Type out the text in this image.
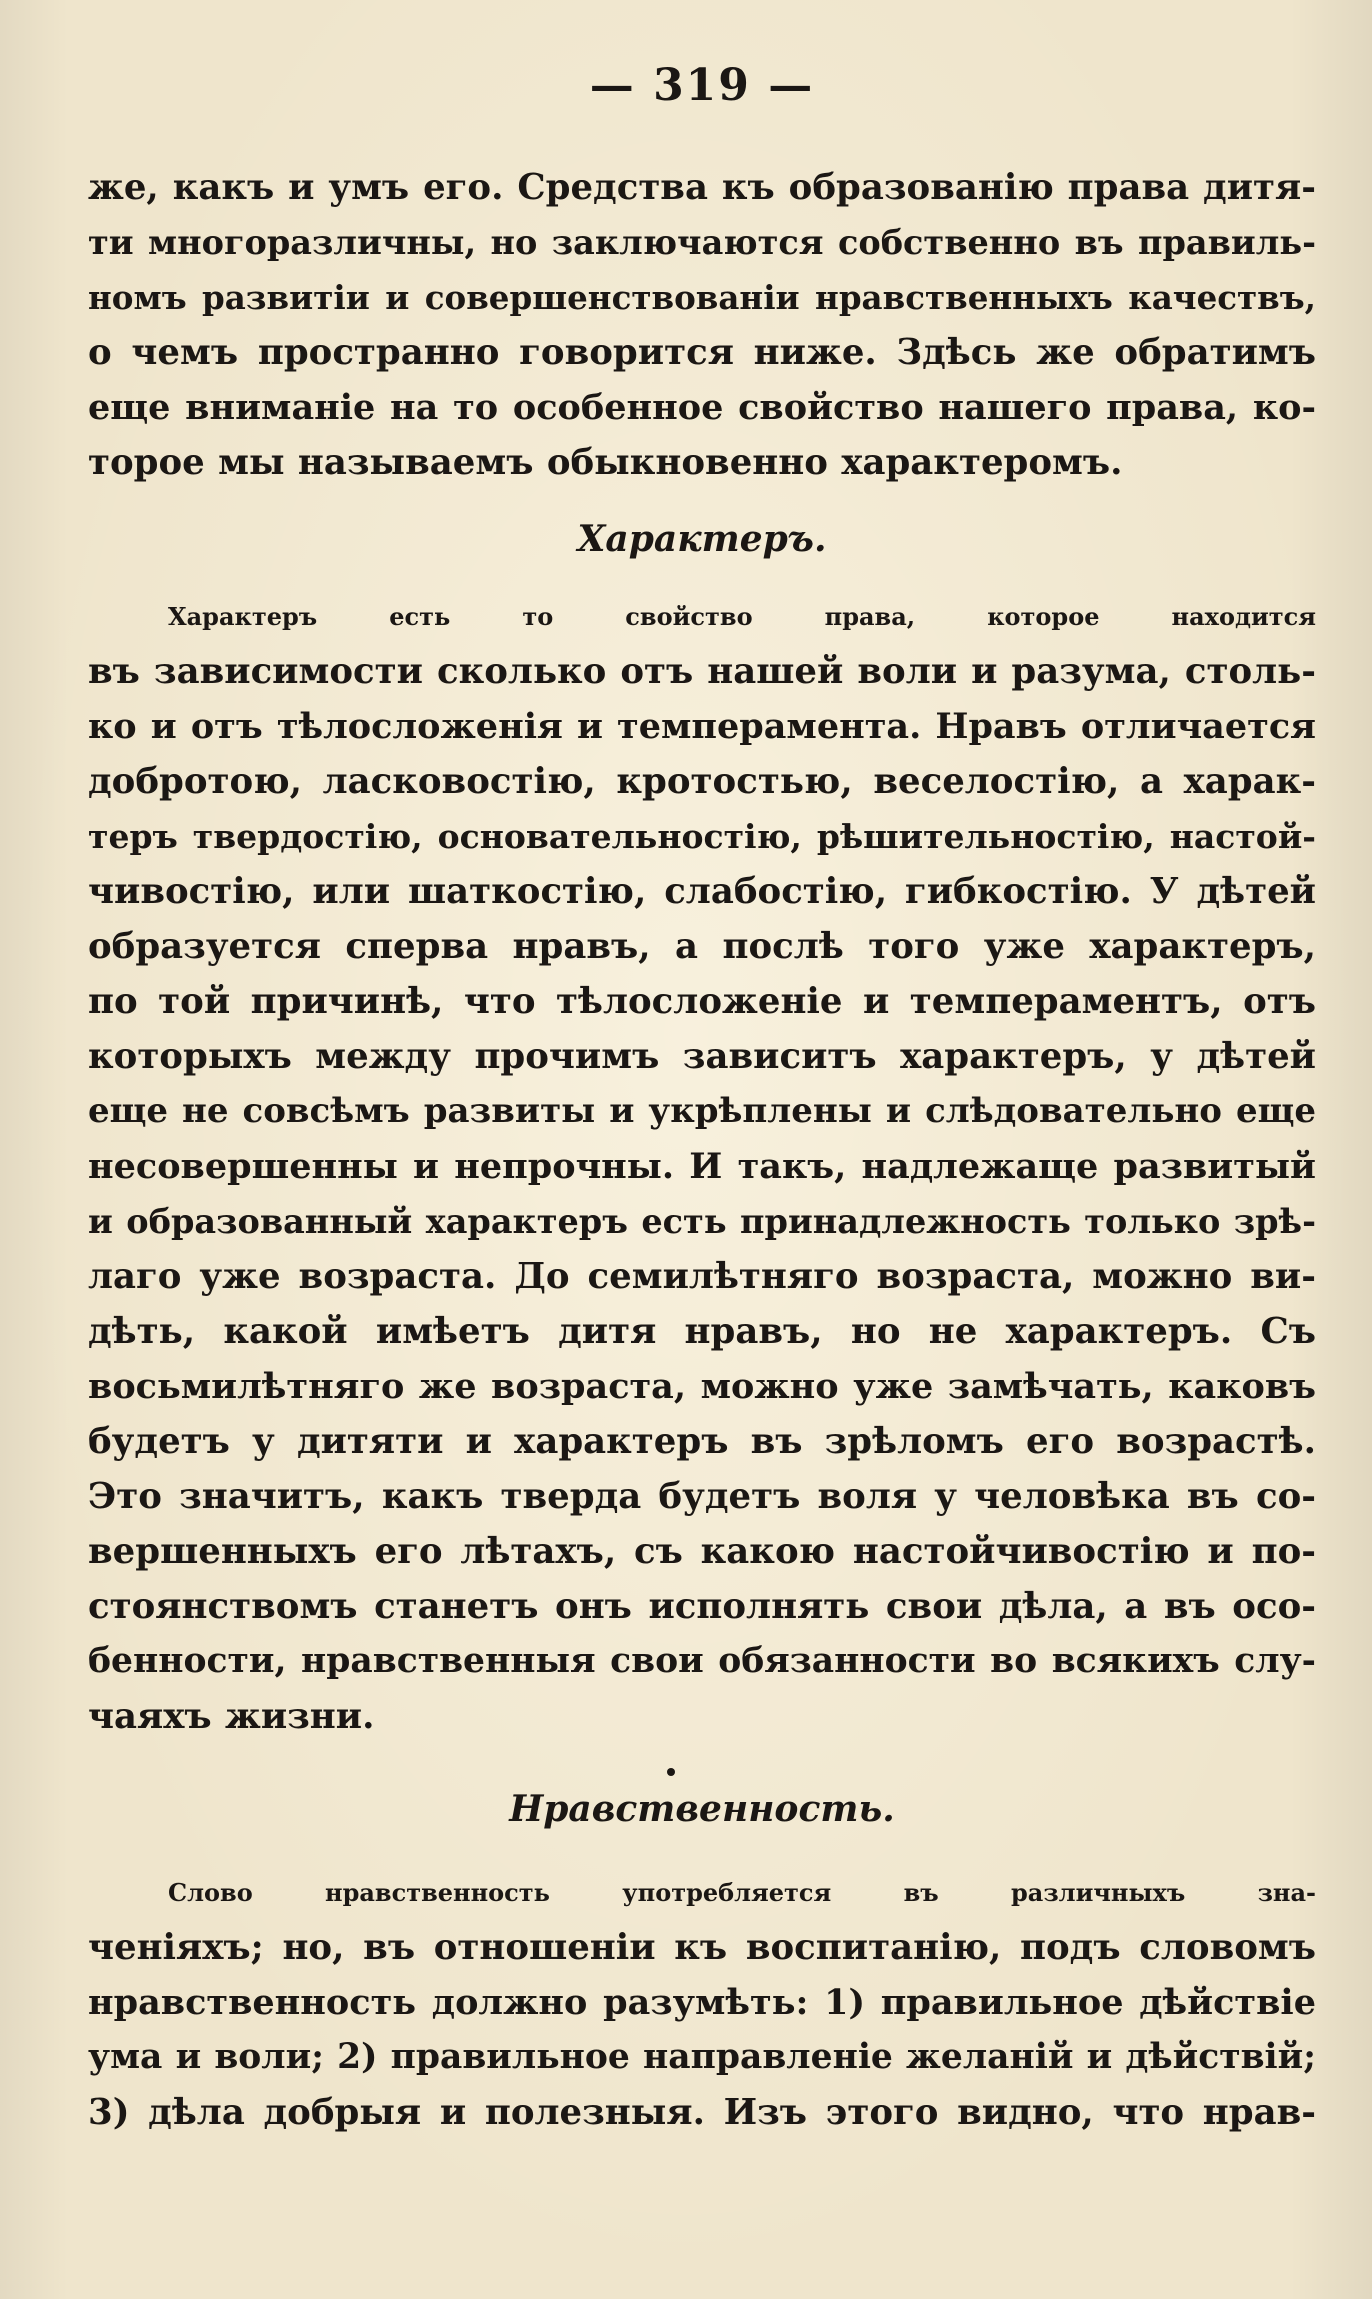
— 319 —

же, какъ и умъ его. Средства къ образованію права дитя-
ти многоразличны, но заключаются собственно въ правиль-
номъ развитіи и совершенствованіи нравственныхъ качествъ,
о чемъ пространно говорится ниже. Здѣсь же обратимъ
еще вниманіе на то особенное свойство нашего права, ко-
торое мы называемъ обыкновенно характеромъ.

Характеръ.

Характеръ есть то свойство права, которое находится
въ зависимости сколько отъ нашей воли и разума, столь-
ко и отъ тѣлосложенія и темперамента. Нравъ отличается
добротою, ласковостію, кротостью, веселостію, а харак-
теръ твердостію, основательностію, рѣшительностію, настой-
чивостію, или шаткостію, слабостію, гибкостію. У дѣтей
образуется сперва нравъ, а послѣ того уже характеръ,
по той причинѣ, что тѣлосложеніе и темпераментъ, отъ
которыхъ между прочимъ зависитъ характеръ, у дѣтей
еще не совсѣмъ развиты и укрѣплены и слѣдовательно еще
несовершенны и непрочны. И такъ, надлежаще развитый
и образованный характеръ есть принадлежность только зрѣ-
лаго уже возраста. До семилѣтняго возраста, можно ви-
дѣть, какой имѣетъ дитя нравъ, но не характеръ. Съ
восьмилѣтняго же возраста, можно уже замѣчать, каковъ
будетъ у дитяти и характеръ въ зрѣломъ его возрастѣ.
Это значитъ, какъ тверда будетъ воля у человѣка въ со-
вершенныхъ его лѣтахъ, съ какою настойчивостію и по-
стоянствомъ станетъ онъ исполнять свои дѣла, а въ осо-
бенности, нравственныя свои обязанности во всякихъ слу-
чаяхъ жизни.

Нравственность.

Слово нравственность употребляется въ различныхъ зна-
ченіяхъ; но, въ отношеніи къ воспитанію, подъ словомъ
нравственность должно разумѣть: 1) правильное дѣйствіе
ума и воли; 2) правильное направленіе желаній и дѣйствій;
3) дѣла добрыя и полезныя. Изъ этого видно, что нрав-
